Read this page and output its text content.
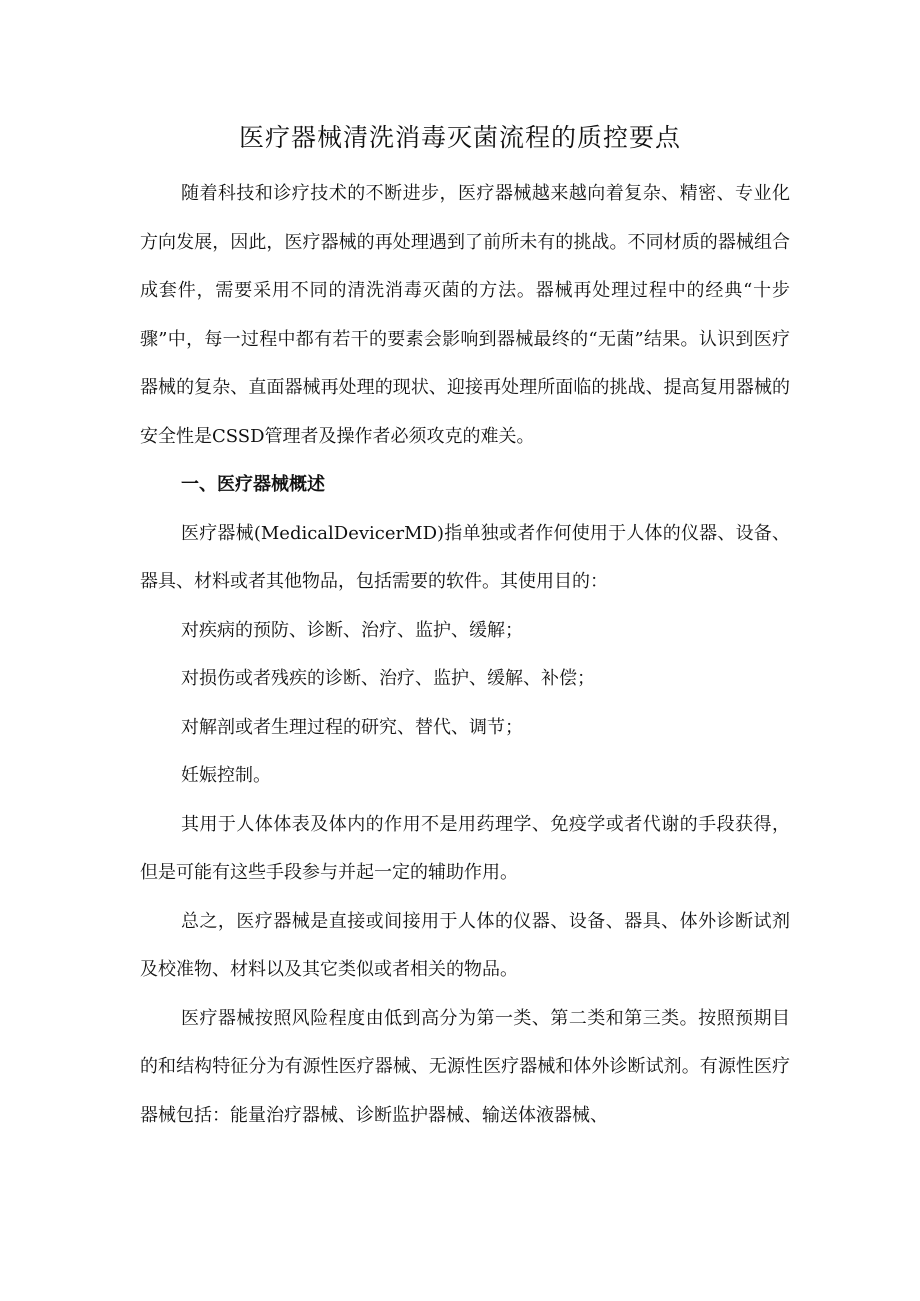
医疗器械清洗消毒灭菌流程的质控要点

随着科技和诊疗技术的不断进步，医疗器械越来越向着复杂、精密、专业化方向发展，因此，医疗器械的再处理遇到了前所未有的挑战。不同材质的器械组合成套件，需要采用不同的清洗消毒灭菌的方法。器械再处理过程中的经典“十步骤”中，每一过程中都有若干的要素会影响到器械最终的“无菌”结果。认识到医疗器械的复杂、直面器械再处理的现状、迎接再处理所面临的挑战、提高复用器械的安全性是CSSD管理者及操作者必须攻克的难关。

一、医疗器械概述

医疗器械(MedicalDevicerMD)指单独或者作何使用于人体的仪器、设备、器具、材料或者其他物品，包括需要的软件。其使用目的：

对疾病的预防、诊断、治疗、监护、缓解；

对损伤或者残疾的诊断、治疗、监护、缓解、补偿；

对解剖或者生理过程的研究、替代、调节；

妊娠控制。

其用于人体体表及体内的作用不是用药理学、免疫学或者代谢的手段获得，但是可能有这些手段参与并起一定的辅助作用。

总之，医疗器械是直接或间接用于人体的仪器、设备、器具、体外诊断试剂及校准物、材料以及其它类似或者相关的物品。

医疗器械按照风险程度由低到高分为第一类、第二类和第三类。按照预期目的和结构特征分为有源性医疗器械、无源性医疗器械和体外诊断试剂。有源性医疗器械包括：能量治疗器械、诊断监护器械、输送体液器械、
